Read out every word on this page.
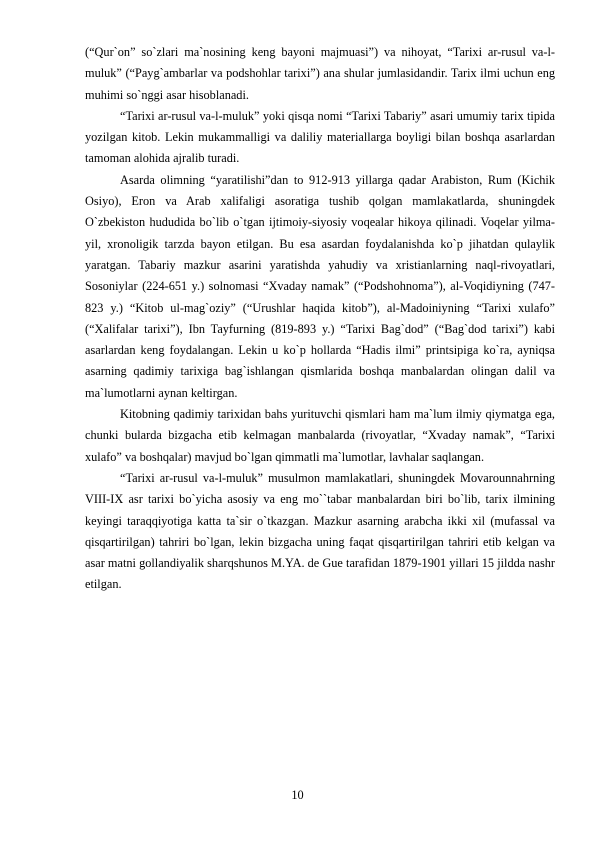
(“Qur`on” so`zlari ma`nosining keng bayoni majmuasi”) va nihoyat, “Tarixi ar-rusul va-l-muluk” (“Payg`ambarlar va podshohlar tarixi”) ana shular jumlasidandir. Tarix ilmi uchun eng muhimi so`nggi asar hisoblanadi.

“Tarixi ar-rusul va-l-muluk” yoki qisqa nomi “Tarixi Tabariy” asari umumiy tarix tipida yozilgan kitob. Lekin mukammalligi va daliliy materiallarga boyligi bilan boshqa asarlardan tamoman alohida ajralib turadi.

Asarda olimning “yaratilishi”dan to 912-913 yillarga qadar Arabiston, Rum (Kichik Osiyo), Eron va Arab xalifaligi asoratiga tushib qolgan mamlakatlarda, shuningdek O`zbekiston hududida bo`lib o`tgan ijtimoiy-siyosiy voqealar hikoya qilinadi. Voqelar yilma-yil, xronoligik tarzda bayon etilgan. Bu esa asardan foydalanishda ko`p jihatdan qulaylik yaratgan. Tabariy mazkur asarini yaratishda yahudiy va xristianlarning naql-rivoyatlari, Sosoniylar (224-651 y.) solnomasi “Xvaday namak” (“Podshohnoma”), al-Voqidiyning (747-823 y.) “Kitob ul-mag`oziy” (“Urushlar haqida kitob”), al-Madoiniyning “Tarixi xulafo” (“Xalifalar tarixi”), Ibn Tayfurning (819-893 y.) “Tarixi Bag`dod” (“Bag`dod tarixi”) kabi asarlardan keng foydalangan. Lekin u ko`p hollarda “Hadis ilmi” printsipiga ko`ra, ayniqsa asarning qadimiy tarixiga bag`ishlangan qismlarida boshqa manbalardan olingan dalil va ma`lumotlarni aynan keltirgan.

Kitobning qadimiy tarixidan bahs yurituvchi qismlari ham ma`lum ilmiy qiymatga ega, chunki bularda bizgacha etib kelmagan manbalarda (rivoyatlar, “Xvaday namak”, “Tarixi xulafo” va boshqalar) mavjud bo`lgan qimmatli ma`lumotlar, lavhalar saqlangan.

“Tarixi ar-rusul va-l-muluk” musulmon mamlakatlari, shuningdek Movarounnahrning VIII-IX asr tarixi bo`yicha asosiy va eng mo``tabar manbalardan biri bo`lib, tarix ilmining keyingi taraqqiyotiga katta ta`sir o`tkazgan. Mazkur asarning arabcha ikki xil (mufassal va qisqartirilgan) tahriri bo`lgan, lekin bizgacha uning faqat qisqartirilgan tahriri etib kelgan va asar matni gollandiyalik sharqshunos M.YA. de Gue tarafidan 1879-1901 yillari 15 jildda nashr etilgan.

10
